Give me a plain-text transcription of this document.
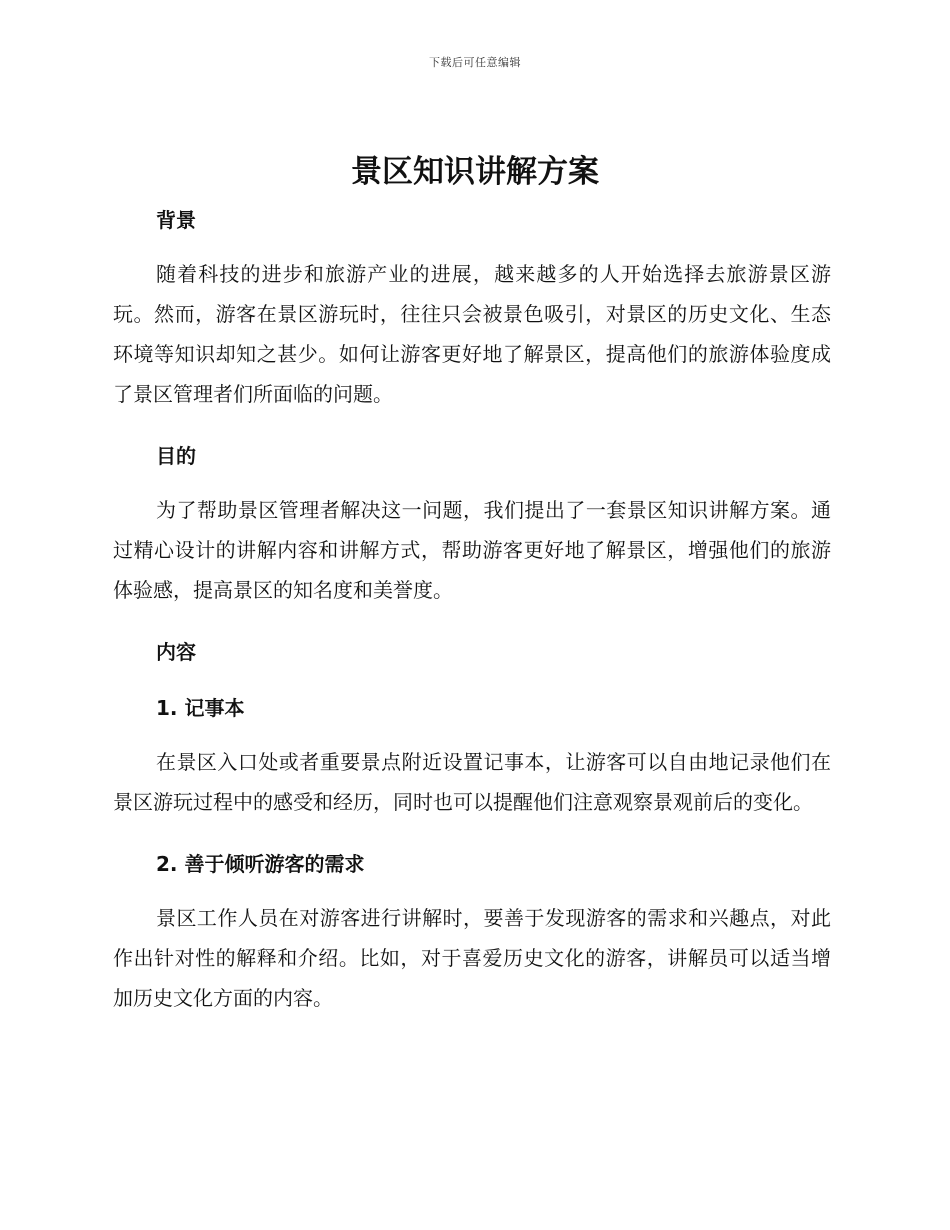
下载后可任意编辑
景区知识讲解方案
背景

随着科技的进步和旅游产业的进展，越来越多的人开始选择去旅游景区游玩。然而，游客在景区游玩时，往往只会被景色吸引，对景区的历史文化、生态环境等知识却知之甚少。如何让游客更好地了解景区，提高他们的旅游体验度成了景区管理者们所面临的问题。

目的

为了帮助景区管理者解决这一问题，我们提出了一套景区知识讲解方案。通过精心设计的讲解内容和讲解方式，帮助游客更好地了解景区，增强他们的旅游体验感，提高景区的知名度和美誉度。

内容
1. 记事本

在景区入口处或者重要景点附近设置记事本，让游客可以自由地记录他们在景区游玩过程中的感受和经历，同时也可以提醒他们注意观察景观前后的变化。

2. 善于倾听游客的需求

景区工作人员在对游客进行讲解时，要善于发现游客的需求和兴趣点，对此作出针对性的解释和介绍。比如，对于喜爱历史文化的游客，讲解员可以适当增加历史文化方面的内容。
